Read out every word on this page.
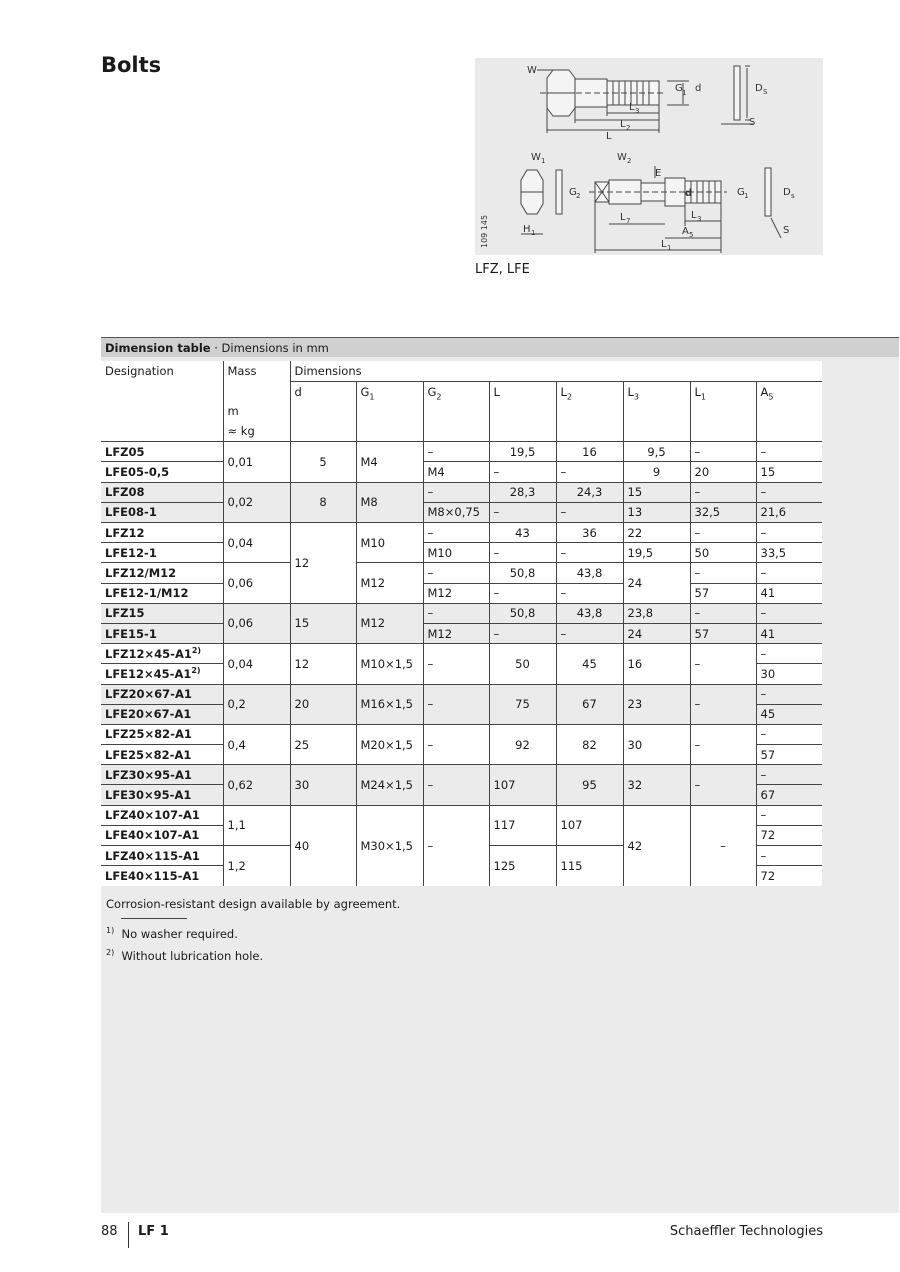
Bolts	W
G 1 d	D S
L 3
L 2
L
S
W 1	W 2
E
G 2	d	G 1	D s
L 7	L 3
A 5
L 1
H 1	S
109 145
LFZ, LFE
Dimension table · Dimensions in mm
Designation	Mass	Dimensions							
		d	$G_1$	$G_2$	L	$L_2$	$L_3$	$L_1$	$A_5$
	m								
	≈ kg								
LFZ05	0,01	5	M4	–	19,5	16	9,5	–	–
LFE05-0,5				M4	–	–	9	20	15
LFZ08	0,02	8	M8	–	28,3	24,3	15	–	–
LFE08-1				M8×0,75	–	–	13	32,5	21,6
LFZ12	0,04	12	M10	–	43	36	22	–	–
LFE12-1				M10	–	–	19,5	50	33,5
LFZ12/M12	0,06		M12	–	50,8	43,8	24	–	–
LFE12-1/M12				M12	–	–		57	41
LFZ15	0,06	15	M12	–	50,8	43,8	23,8	–	–
LFE15-1				M12	–	–	24	57	41
$LFZ12\times 45-A1^{2)}$	0,04	12	M10×1,5	–	50	45	16	–	–
$LFE12\times 45-A1^{2)}$									30
LFZ20×67-A1	0,2	20	M16×1,5	–	75	67	23	–	–
LFE20×67-A1									45
LFZ25×82-A1	0,4	25	M20×1,5	–	92	82	30	–	–
LFE25×82-A1									57
LFZ30×95-A1	0,62	30	M24×1,5	–	107	95	32	–	–
LFE30×95-A1									67
LFZ40×107-A1	1,1	40	M30×1,5	–	117	107	42	–	–
LFE40×107-A1									72
LFZ40×115-A1	1,2				125	115			–
LFE40×115-A1									72
Corrosion-resistant design available by agreement.
$^{1)}$ No washer required.
$^{2)}$ Without lubrication hole.
88 LF 1	Schaeffler Technologies
